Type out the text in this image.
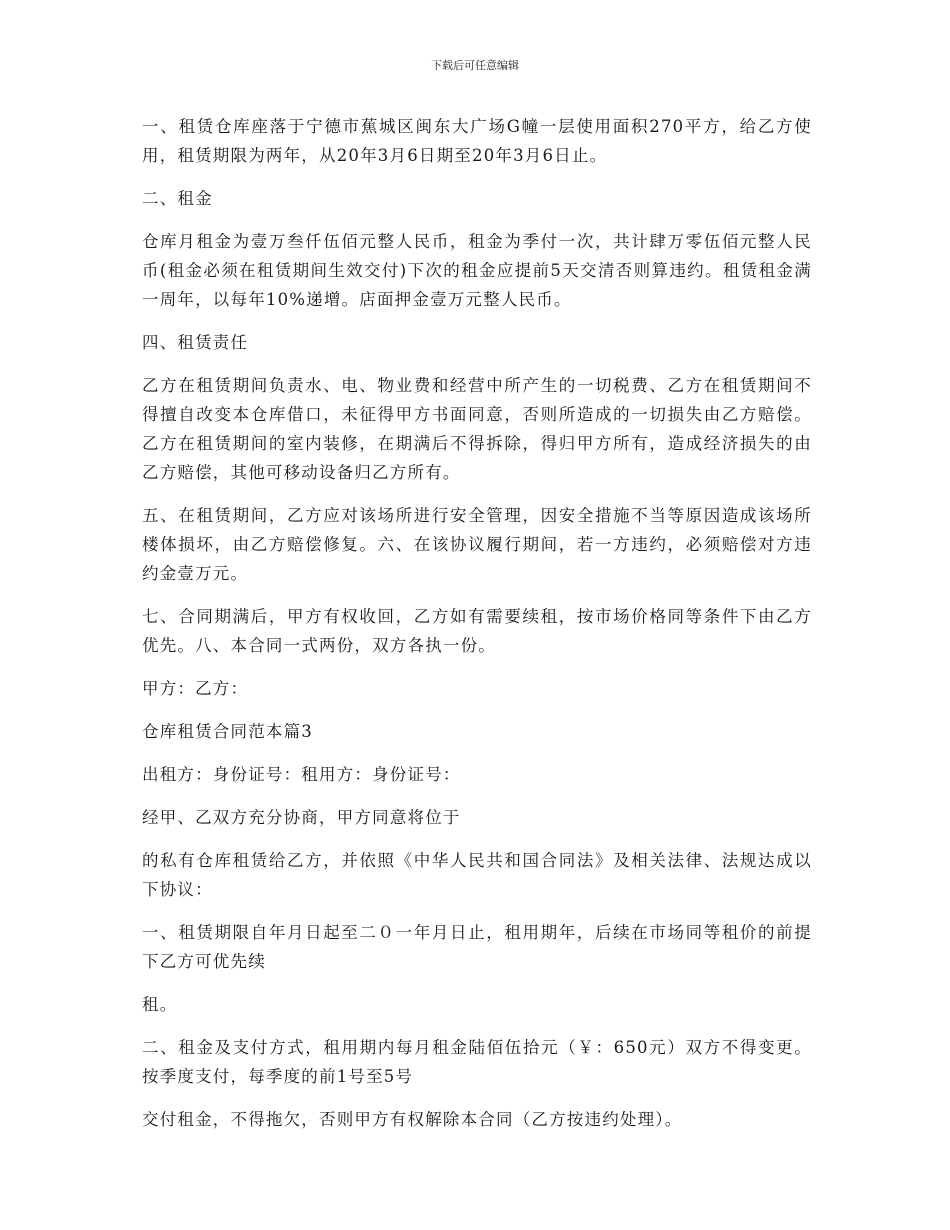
下载后可任意编辑

一、租赁仓库座落于宁德市蕉城区闽东大广场G幢一层使用面积270平方，给乙方使用，租赁期限为两年，从20年3月6日期至20年3月6日止。

二、租金

仓库月租金为壹万叁仟伍佰元整人民币，租金为季付一次，共计肆万零伍佰元整人民币(租金必须在租赁期间生效交付)下次的租金应提前5天交清否则算违约。租赁租金满一周年，以每年10%递增。店面押金壹万元整人民币。

四、租赁责任

乙方在租赁期间负责水、电、物业费和经营中所产生的一切税费、乙方在租赁期间不得擅自改变本仓库借口，未征得甲方书面同意，否则所造成的一切损失由乙方赔偿。乙方在租赁期间的室内装修，在期满后不得拆除，得归甲方所有，造成经济损失的由乙方赔偿，其他可移动设备归乙方所有。

五、在租赁期间，乙方应对该场所进行安全管理，因安全措施不当等原因造成该场所楼体损坏，由乙方赔偿修复。六、在该协议履行期间，若一方违约，必须赔偿对方违约金壹万元。

七、合同期满后，甲方有权收回，乙方如有需要续租，按市场价格同等条件下由乙方优先。八、本合同一式两份，双方各执一份。

甲方：乙方：

仓库租赁合同范本篇3

出租方：身份证号：租用方：身份证号：

经甲、乙双方充分协商，甲方同意将位于

的私有仓库租赁给乙方，并依照《中华人民共和国合同法》及相关法律、法规达成以下协议：

一、租赁期限自年月日起至二０一年月日止，租用期年，后续在市场同等租价的前提下乙方可优先续

租。

二、租金及支付方式，租用期内每月租金陆佰伍拾元（￥：650元）双方不得变更。按季度支付，每季度的前1号至5号

交付租金，不得拖欠，否则甲方有权解除本合同（乙方按违约处理）。
